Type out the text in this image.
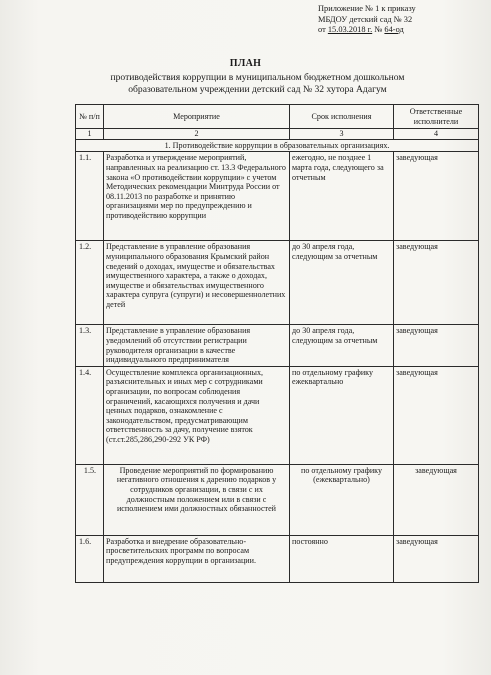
Приложение № 1 к приказу
МБДОУ детский сад № 32
от 15.03.2018 г. № 64-од
ПЛАН
противодействия коррупции в муниципальном бюджетном дошкольном
образовательном учреждении детский сад № 32 хутора Адагум
№ п/п	Мероприятие	Срок исполнения	Ответственные исполнители
1	2	3	4
1. Противодействие коррупции в образовательных организациях.			
1.1.	Разработка и утверждение мероприятий, направленных на реализацию ст. 13.3 Федерального закона «О противодействии коррупции» с учетом Методических рекомендации Минтруда России от 08.11.2013 по разработке и принятию организациями мер по предупреждению и противодействию коррупции	ежегодно, не позднее 1 марта года, следующего за отчетным	заведующая
1.2.	Представление в управление образования муниципального образования Крымский район сведений о доходах, имуществе и обязательствах имущественного характера, а также о доходах, имуществе и обязательствах имущественного характера супруга (супруги) и несовершеннолетних детей	до 30 апреля года, следующим за отчетным	заведующая
1.3.	Представление в управление образования уведомлений об отсутствии регистрации руководителя организации в качестве индивидуального предпринимателя	до 30 апреля года, следующим за отчетным	заведующая
1.4.	Осуществление комплекса организационных, разъяснительных и иных мер с сотрудниками организации, по вопросам соблюдения ограничений, касающихся получения и дачи ценных подарков, ознакомление с законодательством, предусматривающим ответственность за дачу, получение взяток (ст.ст.285,286,290-292 УК РФ)	по отдельному графику ежеквартально	заведующая
1.5.	Проведение мероприятий по формированию негативного отношения к дарению подарков у сотрудников организации, в связи с их должностным положением или в связи с исполнением ими должностных обязанностей	по отдельному графику (ежеквартально)	заведующая
1.6.	Разработка и внедрение образовательно-просветительских программ по вопросам предупреждения коррупции в организации.	постоянно	заведующая
